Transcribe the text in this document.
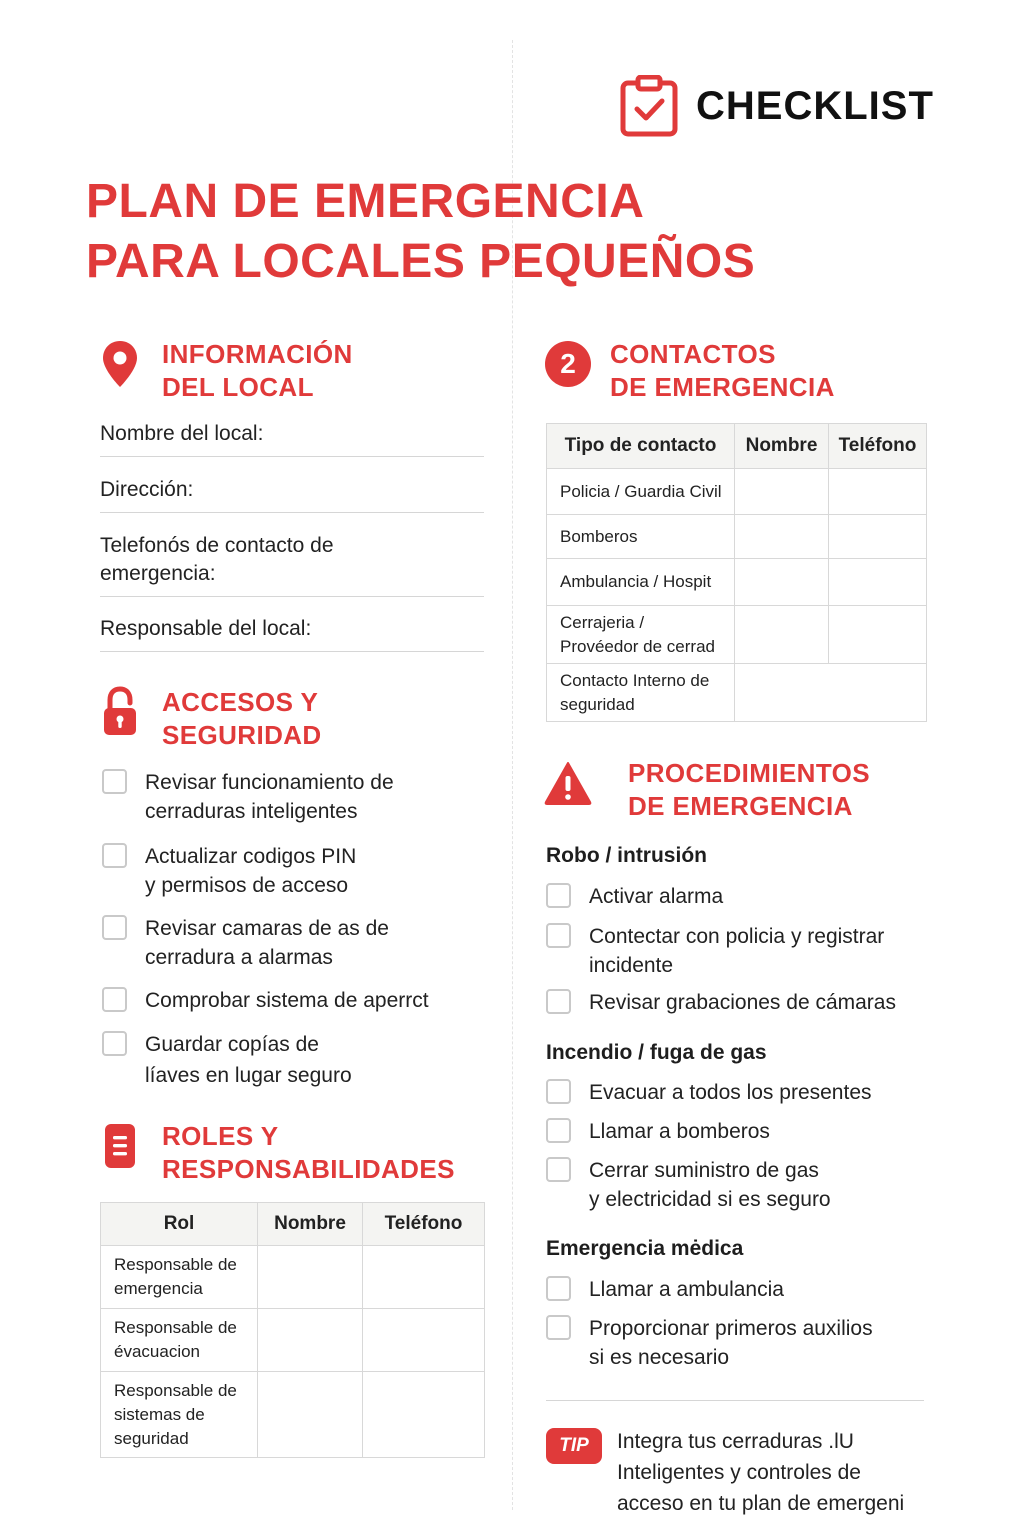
CHECKLIST
PLAN DE EMERGENCIA
PARA LOCALES PEQUEÑOS
INFORMACIÓN
DEL LOCAL
Nombre del local:
Dirección:
Telefonós de contacto de emergencia:
Responsable del local:
ACCESOS Y
SEGURIDAD
Revisar funcionamiento de
cerraduras inteligentes
Actualizar codigos PIN
y permisos de acceso
Revisar camaras de as de
cerradura a alarmas
Comprobar sistema de aperrct
Guardar copías de
líaves en lugar seguro
ROLES Y
RESPONSABILIDADES
Rol	Nombre	Teléfono
Responsable de emergencia		
Responsable de évacuacion		
Responsable de sistemas de seguridad		
2 CONTACTOS
DE EMERGENCIA
Tipo de contacto	Nombre	Teléfono
Policia / Guardia Civil		
Bomberos		
Ambulancia / Hospit		
Cerrajeria / Provéedor de cerrad		
Contacto Interno de seguridad		
PROCEDIMIENTOS
DE EMERGENCIA
Robo / intrusión
Activar alarma
Contectar con policia y registrar
incidente
Revisar grabaciones de cámaras
Incendio / fuga de gas
Evacuar a todos los presentes
Llamar a bomberos
Cerrar suministro de gas
y electricidad si es seguro
Emergencia mėdica
Llamar a ambulancia
Proporcionar primeros auxilios
si es necesario
TIP	Integra tus cerraduras .lU
Inteligentes y controles de
acceso en tu plan de emergeni
